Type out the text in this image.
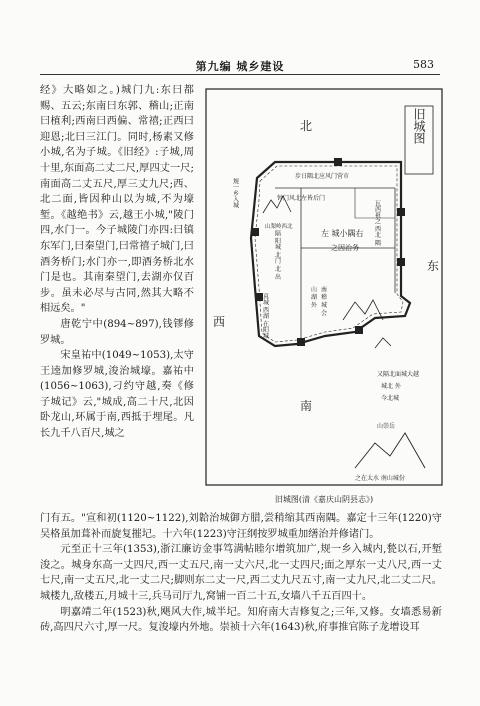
第九编 城乡建设	583

经》大略如之。)城门九:东曰都赐、五云;东南曰东郭、稽山;正南曰植利;西南曰西偏、常禧;正西曰迎恩;北曰三江门。同时,杨素又修小城,名为子城。《旧经》:子城,周十里,东面高二丈二尺,厚四丈一尺;南面高二丈五尺,厚三丈九尺;西、北二面,皆因种山以为城,不为壕堑。《越绝书》云,越王小城,"陵门四,水门一。今子城陵门亦四:曰镇东军门,曰秦望门,曰常禧子城门,曰酒务桥门;水门亦一,即酒务桥北水门是也。其南秦望门,去湖亦仅百步。虽未必尽与古同,然其大略不相远矣。"

唐乾宁中(894~897),钱镠修罗城。

宋皇祐中(1049~1053),太守王逵加修罗城,浚治城壕。嘉祐中(1056~1063),刁约守越,奏《修子城记》云,"城成,高二十尺,北因卧龙山,环属于南,西抵于埋尾。凡长九千八百尺,城之

旧城图
北
西
东
南
步日隅北应风门营市
钟门风北左皆后门
规一乡入城
山梨岭西北
左 城小隅右
之因治务
隔 阳城 北门 北 出
真城 西湖 在阳城	山 湖 外 南 稽 城 会
瓦西祖之 西北 隅
又隔北面城大越
城北 外
今北城
山崇岳
之在太水 南山城份
旧城图(清《嘉庆山阴县志》)

门有五。"宣和初(1120~1122),刘韐治城御方腊,尝稍缩其西南隅。嘉定十三年(1220)守吴格虽加葺补而旋复摧圮。十六年(1223)守汪纲按罗城重加缮治并修诸门。

元至正十三年(1353),浙江廉访金事笃满帖睦尔增筑加广,规一乡入城内,甃以石,开堑浚之。城身东高一丈四尺,西一丈五尺,南一丈六尺,北一丈四尺;面之厚东一丈八尺,西一丈七尺,南一丈五尺,北一丈二尺;脚则东二丈一尺,西二丈九尺五寸,南一丈九尺,北二丈二尺。城楼九,敌楼五,月城十三,兵马司厅九,窝铺一百二十五,女墙八千五百四十。

明嘉靖二年(1523)秋,飓风大作,城半圮。知府南大吉修复之;三年,又修。女墙悉易新砖,高四尺六寸,厚一尺。复浚壕内外地。崇祯十六年(1643)秋,府事推官陈子龙增设耳
